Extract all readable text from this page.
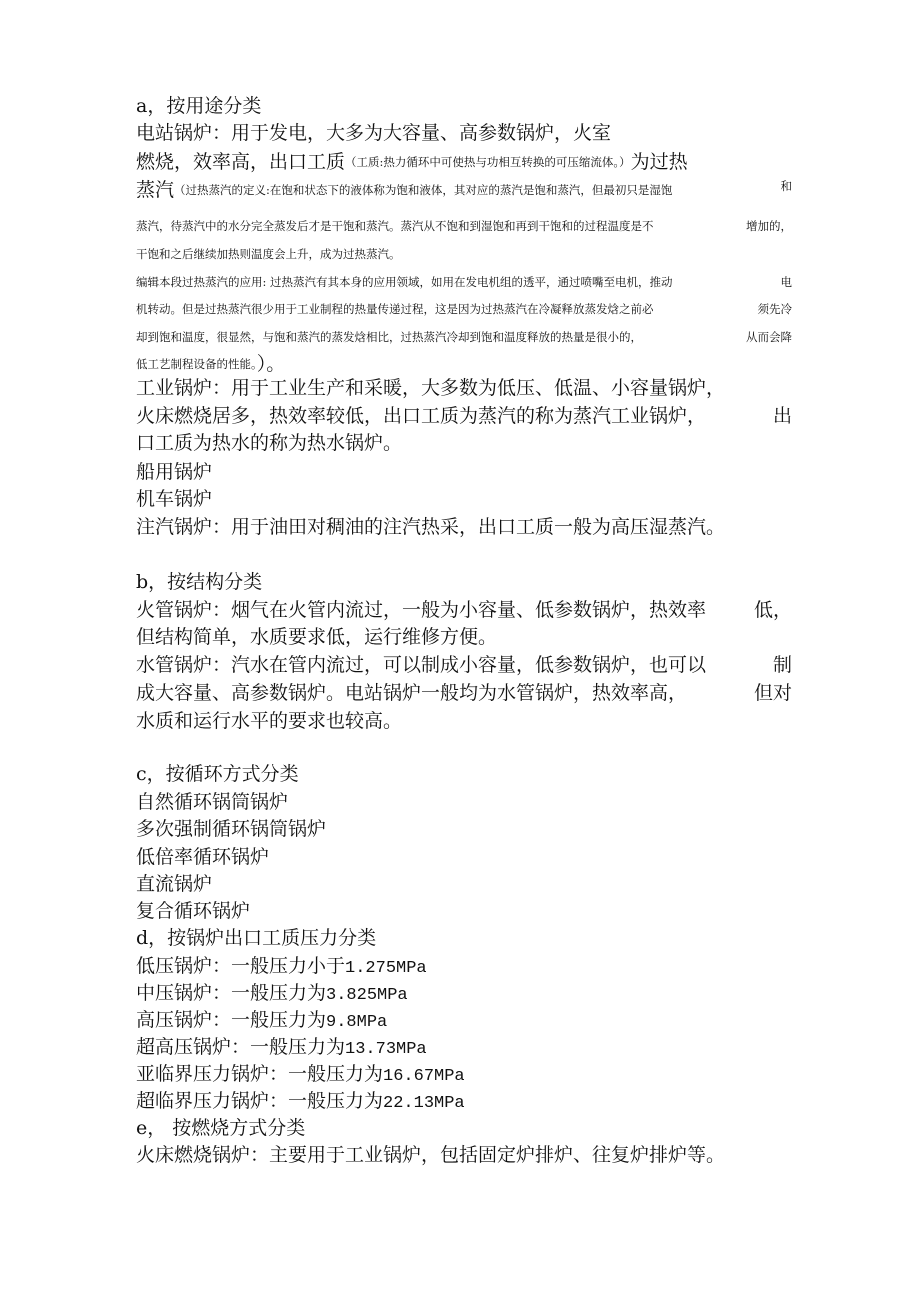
a，按用途分类
电站锅炉：用于发电，大多为大容量、高参数锅炉，火室
燃烧，效率高，出口工质（工质:热力循环中可使热与功相互转换的可压缩流体。）为过热
蒸汽（过热蒸汽的定义:在饱和状态下的液体称为饱和液体，其对应的蒸汽是饱和蒸汽，但最初只是湿饱	和
蒸汽，待蒸汽中的水分完全蒸发后才是干饱和蒸汽。蒸汽从不饱和到湿饱和再到干饱和的过程温度是不	增加的，
干饱和之后继续加热则温度会上升，成为过热蒸汽。
编辑本段过热蒸汽的应用: 过热蒸汽有其本身的应用领域，如用在发电机组的透平，通过喷嘴至电机，推动	电
机转动。但是过热蒸汽很少用于工业制程的热量传递过程，这是因为过热蒸汽在冷凝释放蒸发焓之前必	须先冷
却到饱和温度，很显然，与饱和蒸汽的蒸发焓相比，过热蒸汽冷却到饱和温度释放的热量是很小的，	从而会降
低工艺制程设备的性能。）。
工业锅炉：用于工业生产和采暖，大多数为低压、低温、小容量锅炉，
火床燃烧居多，热效率较低，出口工质为蒸汽的称为蒸汽工业锅炉，	出
口工质为热水的称为热水锅炉。
船用锅炉
机车锅炉
注汽锅炉：用于油田对稠油的注汽热采，出口工质一般为高压湿蒸汽。
b，按结构分类
火管锅炉：烟气在火管内流过，一般为小容量、低参数锅炉，热效率	低，
但结构简单，水质要求低，运行维修方便。
水管锅炉：汽水在管内流过，可以制成小容量，低参数锅炉，也可以	制
成大容量、高参数锅炉。电站锅炉一般均为水管锅炉，热效率高，	但对
水质和运行水平的要求也较高。
c，按循环方式分类
自然循环锅筒锅炉
多次强制循环锅筒锅炉
低倍率循环锅炉
直流锅炉
复合循环锅炉
d，按锅炉出口工质压力分类
低压锅炉：一般压力小于1.275MPa
中压锅炉：一般压力为3.825MPa
高压锅炉：一般压力为9.8MPa
超高压锅炉：一般压力为13.73MPa
亚临界压力锅炉：一般压力为16.67MPa
超临界压力锅炉：一般压力为22.13MPa
e， 按燃烧方式分类
火床燃烧锅炉：主要用于工业锅炉，包括固定炉排炉、往复炉排炉等。
